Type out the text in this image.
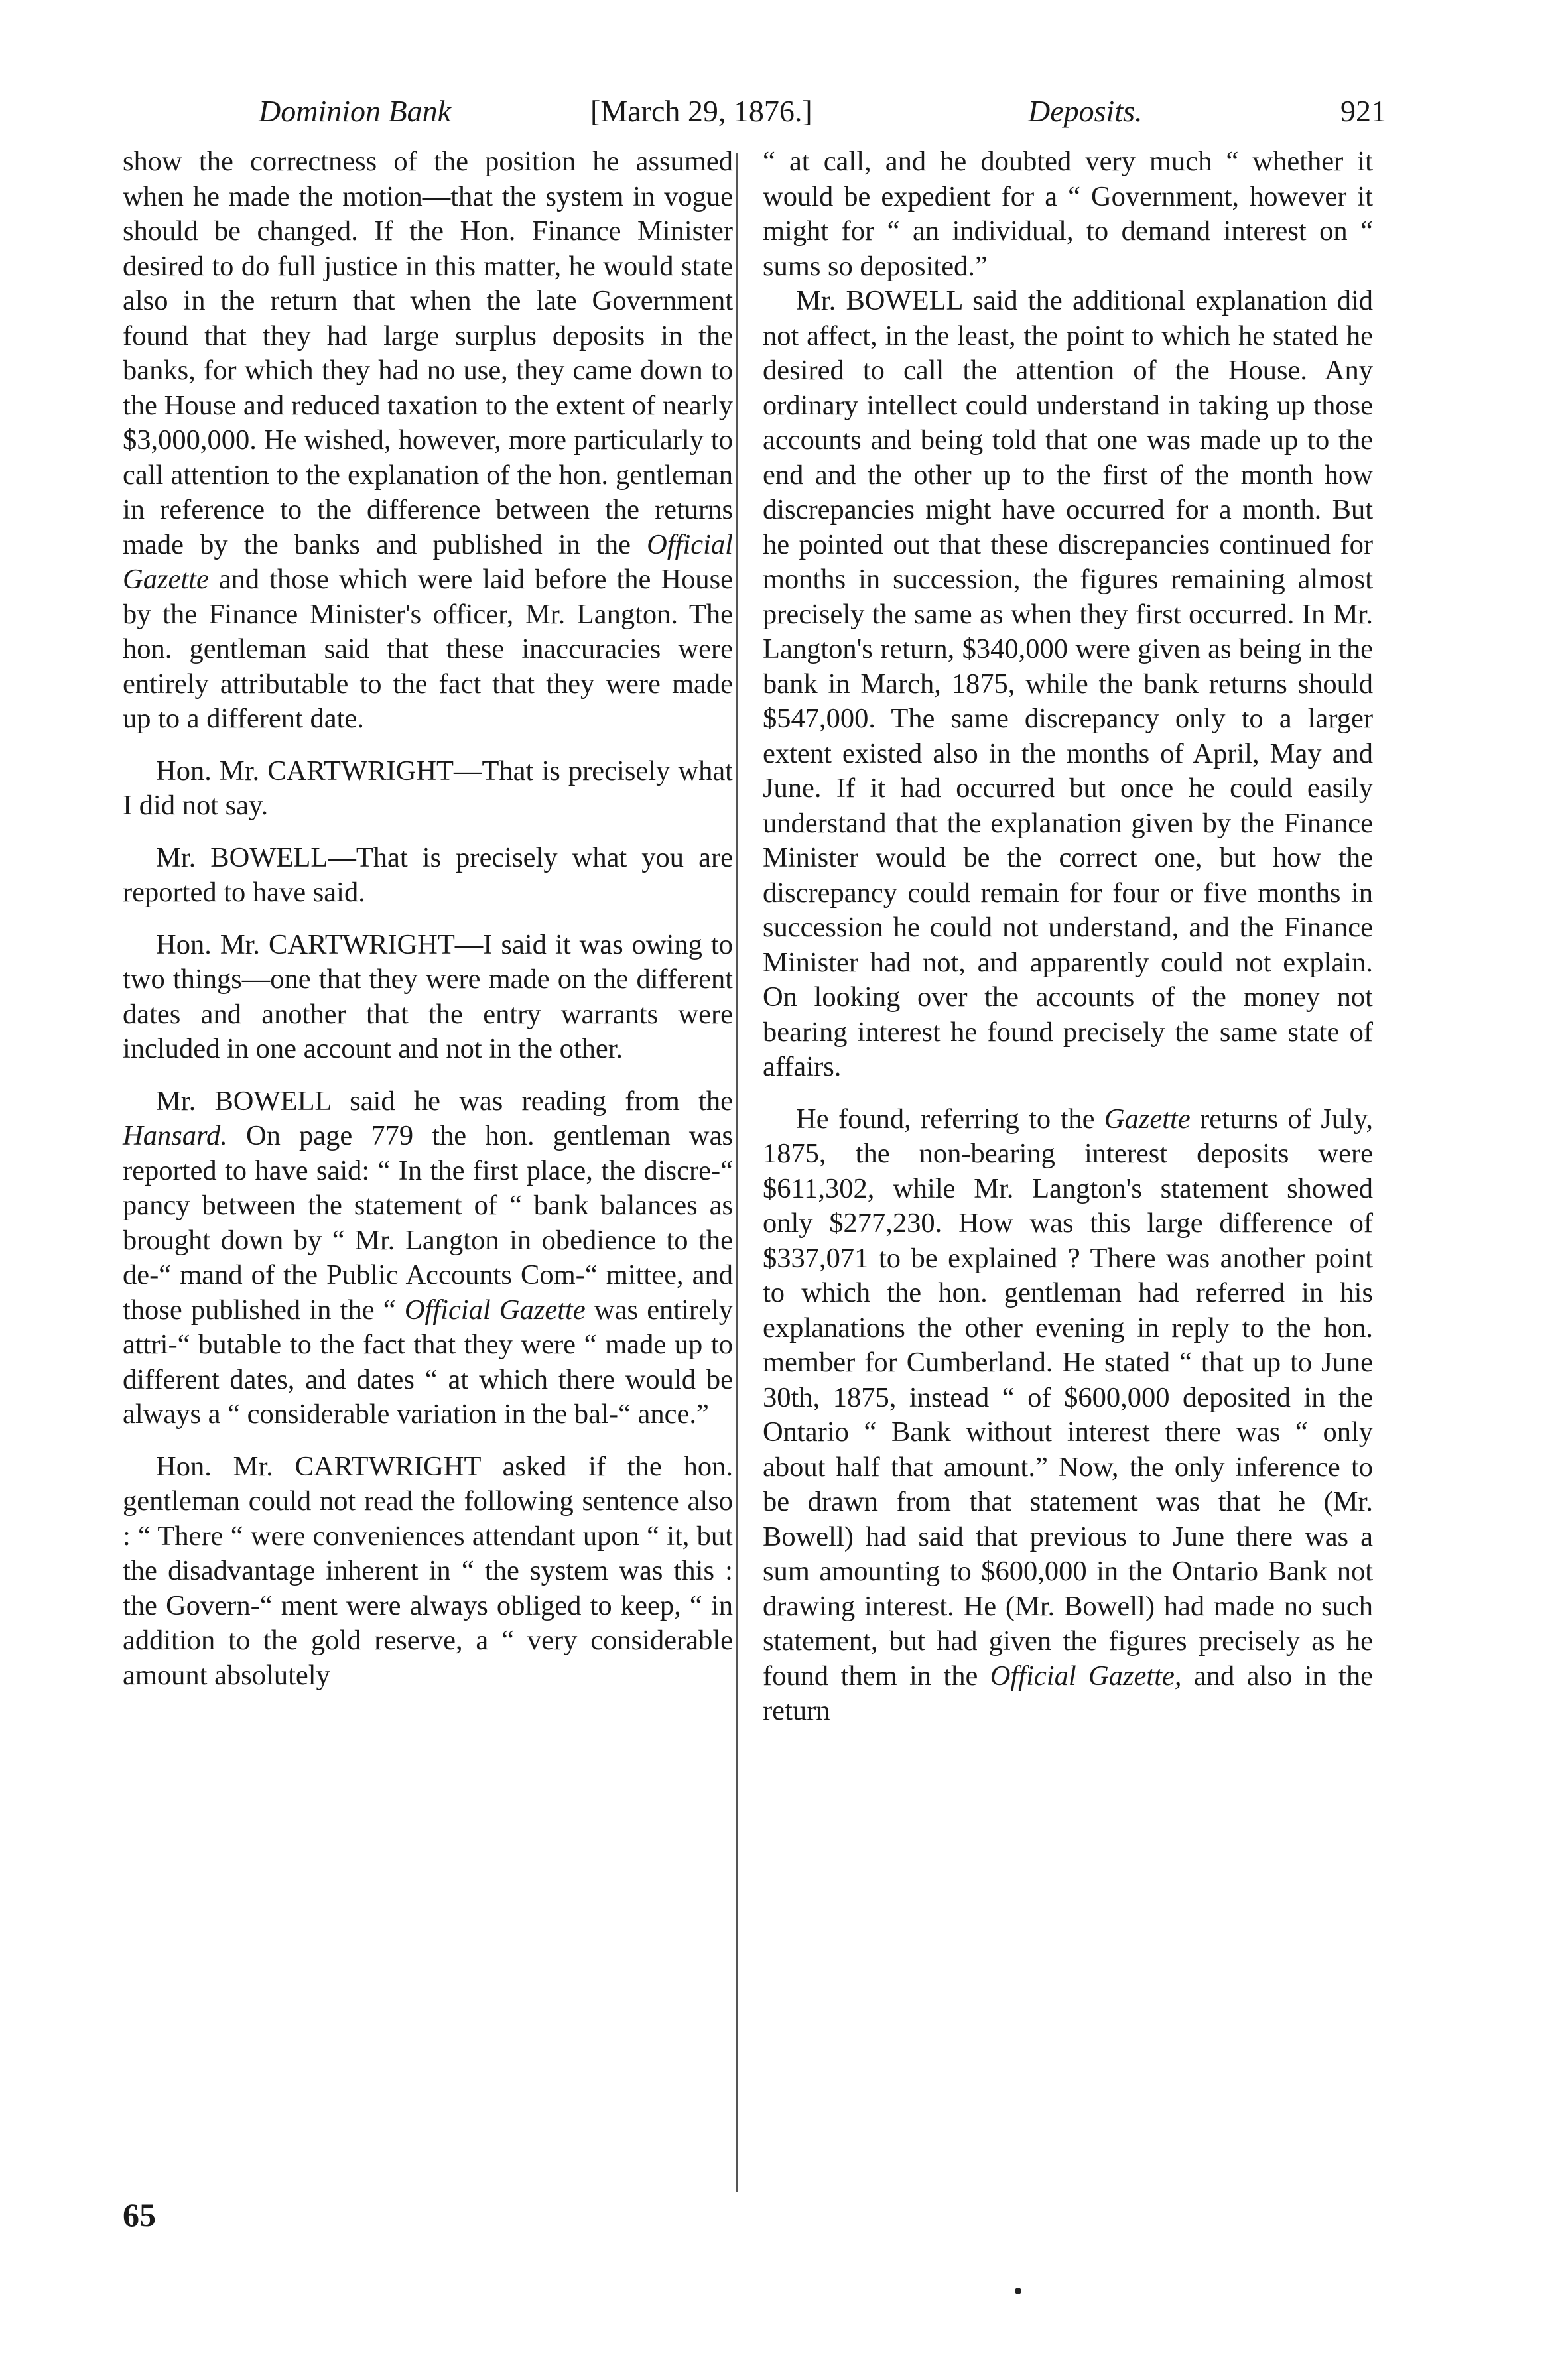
Dominion Bank	[March 29, 1876.]	Deposits.	921

show the correctness of the position he assumed when he made the motion—that the system in vogue should be changed. If the Hon. Finance Minister desired to do full justice in this matter, he would state also in the return that when the late Government found that they had large surplus deposits in the banks, for which they had no use, they came down to the House and reduced taxation to the extent of nearly $3,000,000. He wished, however, more particularly to call attention to the explanation of the hon. gentleman in reference to the difference between the returns made by the banks and published in the Official Gazette and those which were laid before the House by the Finance Minister's officer, Mr. Langton. The hon. gentleman said that these inaccuracies were entirely attributable to the fact that they were made up to a different date.

Hon. Mr. CARTWRIGHT—That is precisely what I did not say.

Mr. BOWELL—That is precisely what you are reported to have said.

Hon. Mr. CARTWRIGHT—I said it was owing to two things—one that they were made on the different dates and another that the entry warrants were included in one account and not in the other.

Mr. BOWELL said he was reading from the Hansard. On page 779 the hon. gentleman was reported to have said: “ In the first place, the discre-“ pancy between the statement of “ bank balances as brought down by “ Mr. Langton in obedience to the de-“ mand of the Public Accounts Com-“ mittee, and those published in the “ Official Gazette was entirely attri-“ butable to the fact that they were “ made up to different dates, and dates “ at which there would be always a “ considerable variation in the bal-“ ance.”

Hon. Mr. CARTWRIGHT asked if the hon. gentleman could not read the following sentence also : “ There “ were conveniences attendant upon “ it, but the disadvantage inherent in “ the system was this : the Govern-“ ment were always obliged to keep, “ in addition to the gold reserve, a “ very considerable amount absolutely

“ at call, and he doubted very much “ whether it would be expedient for a “ Government, however it might for “ an individual, to demand interest on “ sums so deposited.”

Mr. BOWELL said the additional explanation did not affect, in the least, the point to which he stated he desired to call the attention of the House. Any ordinary intellect could understand in taking up those accounts and being told that one was made up to the end and the other up to the first of the month how discrepancies might have occurred for a month. But he pointed out that these discrepancies continued for months in succession, the figures remaining almost precisely the same as when they first occurred. In Mr. Langton's return, $340,000 were given as being in the bank in March, 1875, while the bank returns should $547,000. The same discrepancy only to a larger extent existed also in the months of April, May and June. If it had occurred but once he could easily understand that the explanation given by the Finance Minister would be the correct one, but how the discrepancy could remain for four or five months in succession he could not understand, and the Finance Minister had not, and apparently could not explain. On looking over the accounts of the money not bearing interest he found precisely the same state of affairs.

He found, referring to the Gazette returns of July, 1875, the non-bearing interest deposits were $611,302, while Mr. Langton's statement showed only $277,230. How was this large difference of $337,071 to be explained ? There was another point to which the hon. gentleman had referred in his explanations the other evening in reply to the hon. member for Cumberland. He stated “ that up to June 30th, 1875, instead “ of $600,000 deposited in the Ontario “ Bank without interest there was “ only about half that amount.” Now, the only inference to be drawn from that statement was that he (Mr. Bowell) had said that previous to June there was a sum amounting to $600,000 in the Ontario Bank not drawing interest. He (Mr. Bowell) had made no such statement, but had given the figures precisely as he found them in the Official Gazette, and also in the return

65
